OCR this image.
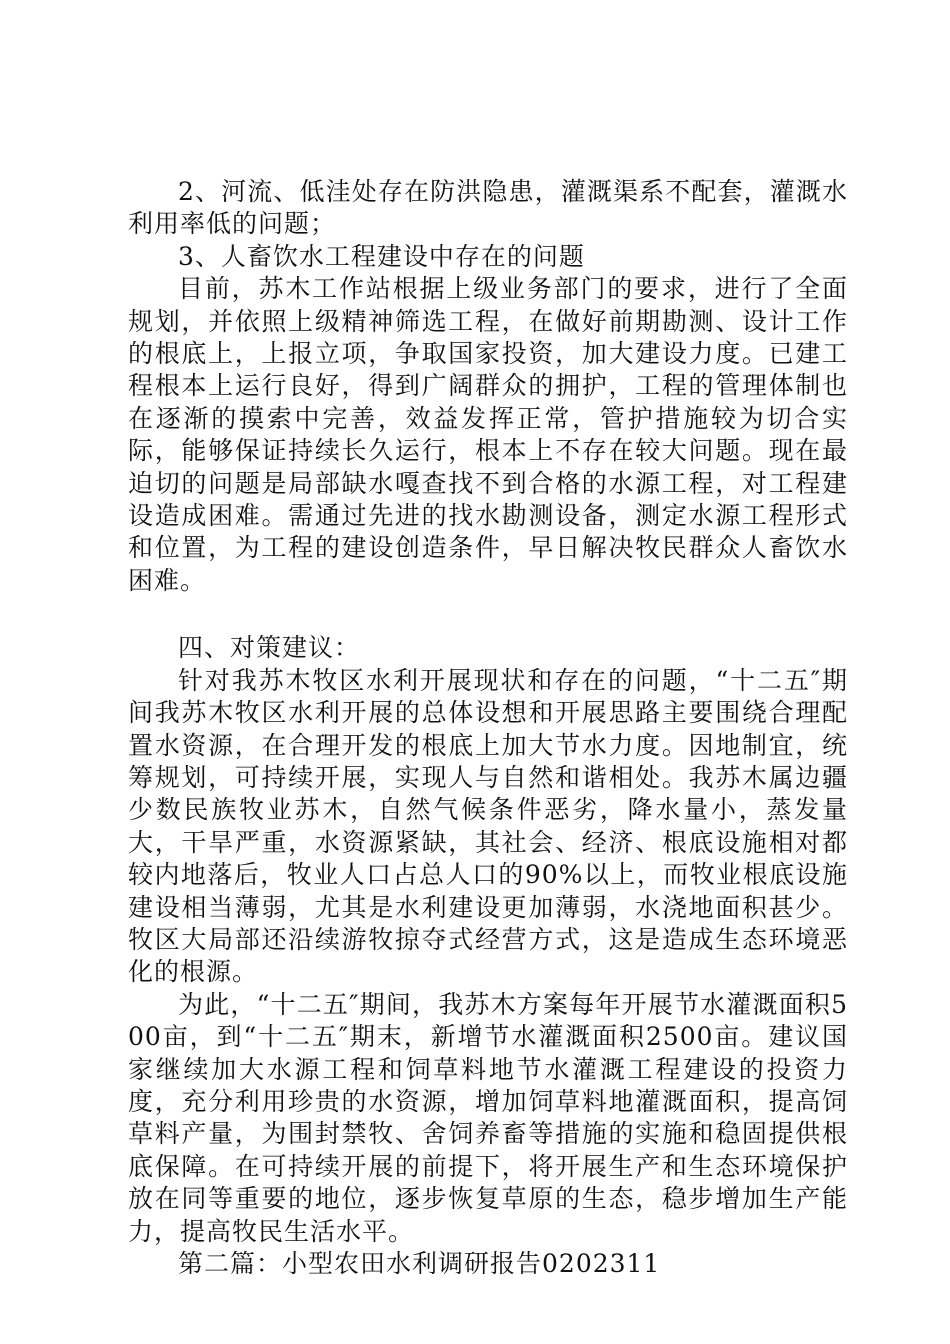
2、河流、低洼处存在防洪隐患，灌溉渠系不配套，灌溉水利用率低的问题；

3、人畜饮水工程建设中存在的问题

目前，苏木工作站根据上级业务部门的要求，进行了全面规划，并依照上级精神筛选工程，在做好前期勘测、设计工作的根底上，上报立项，争取国家投资，加大建设力度。已建工程根本上运行良好，得到广阔群众的拥护，工程的管理体制也在逐渐的摸索中完善，效益发挥正常，管护措施较为切合实际，能够保证持续长久运行，根本上不存在较大问题。现在最迫切的问题是局部缺水嘎查找不到合格的水源工程，对工程建设造成困难。需通过先进的找水勘测设备，测定水源工程形式和位置，为工程的建设创造条件，早日解决牧民群众人畜饮水困难。

四、对策建议：

针对我苏木牧区水利开展现状和存在的问题，“十二五″期间我苏木牧区水利开展的总体设想和开展思路主要围绕合理配置水资源，在合理开发的根底上加大节水力度。因地制宜，统筹规划，可持续开展，实现人与自然和谐相处。我苏木属边疆少数民族牧业苏木，自然气候条件恶劣，降水量小，蒸发量大，干旱严重，水资源紧缺，其社会、经济、根底设施相对都较内地落后，牧业人口占总人口的90%以上，而牧业根底设施建设相当薄弱，尤其是水利建设更加薄弱，水浇地面积甚少。牧区大局部还沿续游牧掠夺式经营方式，这是造成生态环境恶化的根源。

为此，“十二五″期间，我苏木方案每年开展节水灌溉面积500亩，到“十二五″期末，新增节水灌溉面积2500亩。建议国家继续加大水源工程和饲草料地节水灌溉工程建设的投资力度，充分利用珍贵的水资源，增加饲草料地灌溉面积，提高饲草料产量，为围封禁牧、舍饲养畜等措施的实施和稳固提供根底保障。在可持续开展的前提下，将开展生产和生态环境保护放在同等重要的地位，逐步恢复草原的生态，稳步增加生产能力，提高牧民生活水平。

第二篇：小型农田水利调研报告0202311
